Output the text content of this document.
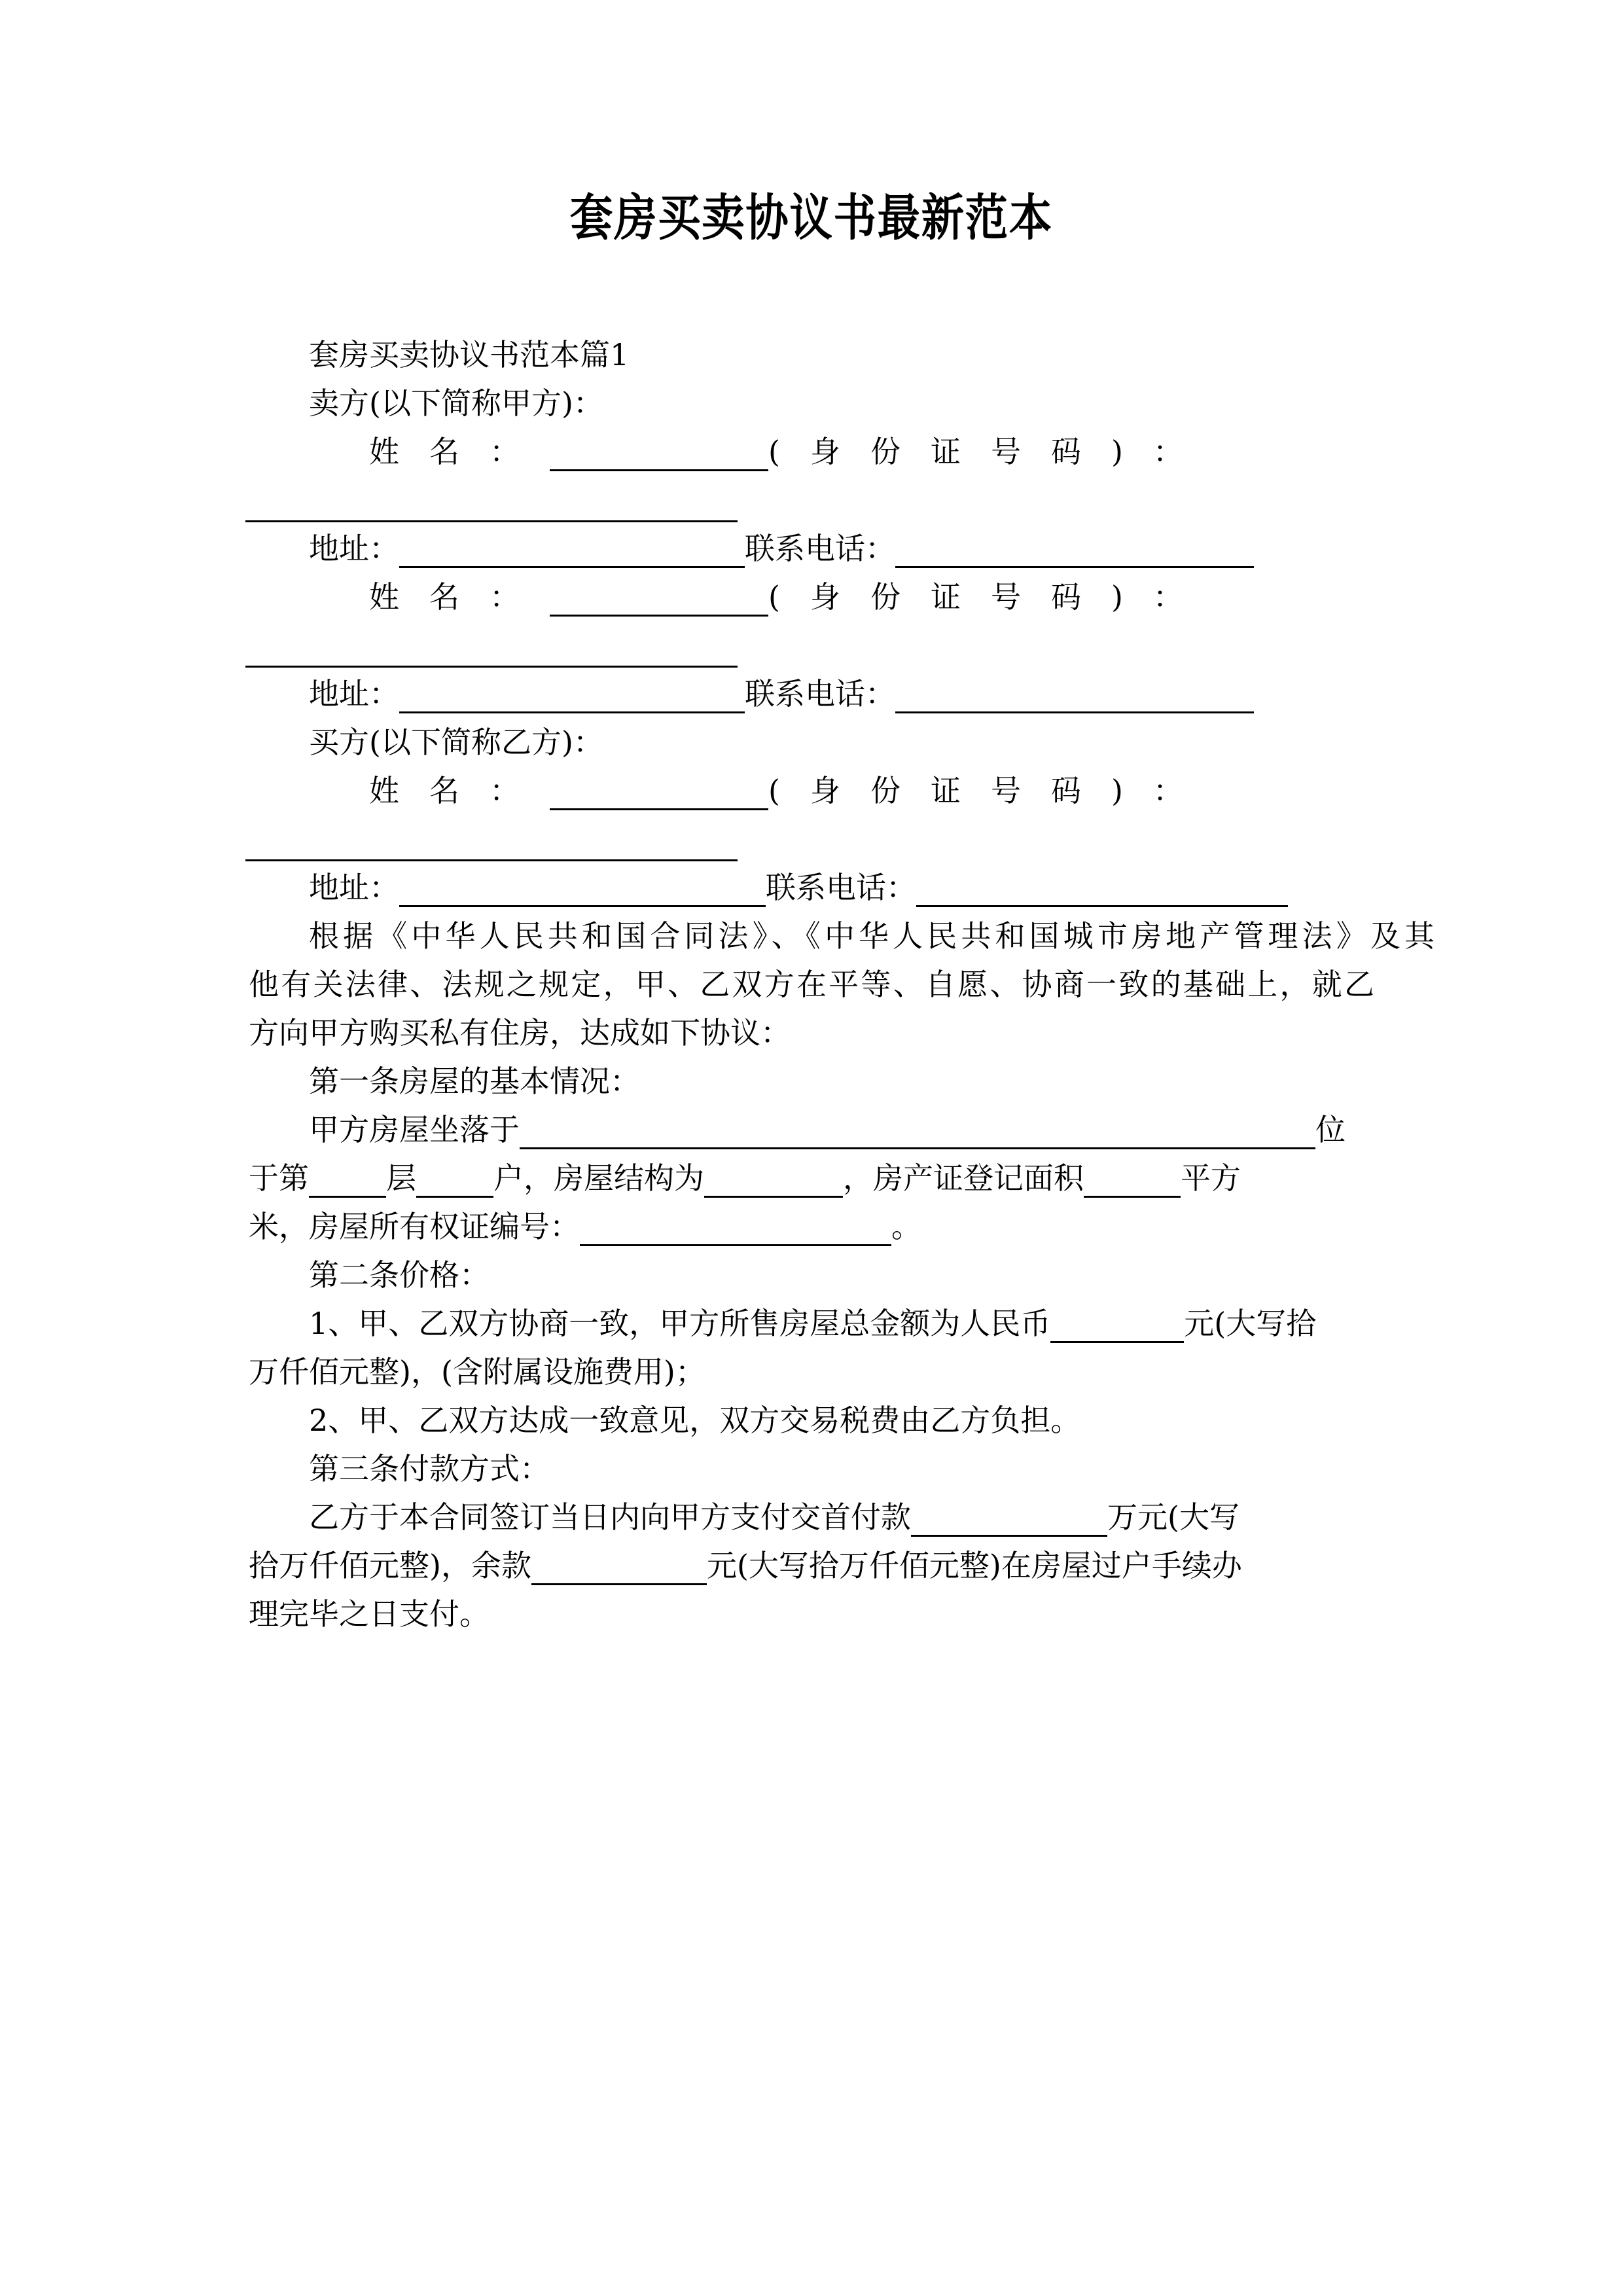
套房买卖协议书最新范本
套房买卖协议书范本篇1
卖方(以下简称甲方)：
姓 名 ：	( 身 份 证 号 码 ) ：
地址：	联系电话：
姓 名 ：	( 身 份 证 号 码 ) ：
地址：	联系电话：
买方(以下简称乙方)：
姓 名 ：	( 身 份 证 号 码 ) ：
地址：	联系电话：
根据《中华人民共和国合同法》、《中华人民共和国城市房地产管理法》及其
他有关法律、法规之规定，甲、乙双方在平等、自愿、协商一致的基础上，就乙
方向甲方购买私有住房，达成如下协议：
第一条房屋的基本情况：
甲方房屋坐落于	位
于第	层	户，房屋结构为	，房产证登记面积	平方
米，房屋所有权证编号：	。
第二条价格：
1、甲、乙双方协商一致，甲方所售房屋总金额为人民币	元(大写拾
万仟佰元整)，(含附属设施费用)；
2、甲、乙双方达成一致意见，双方交易税费由乙方负担。
第三条付款方式：
乙方于本合同签订当日内向甲方支付交首付款	万元(大写
拾万仟佰元整)，余款	元(大写拾万仟佰元整)在房屋过户手续办
理完毕之日支付。
